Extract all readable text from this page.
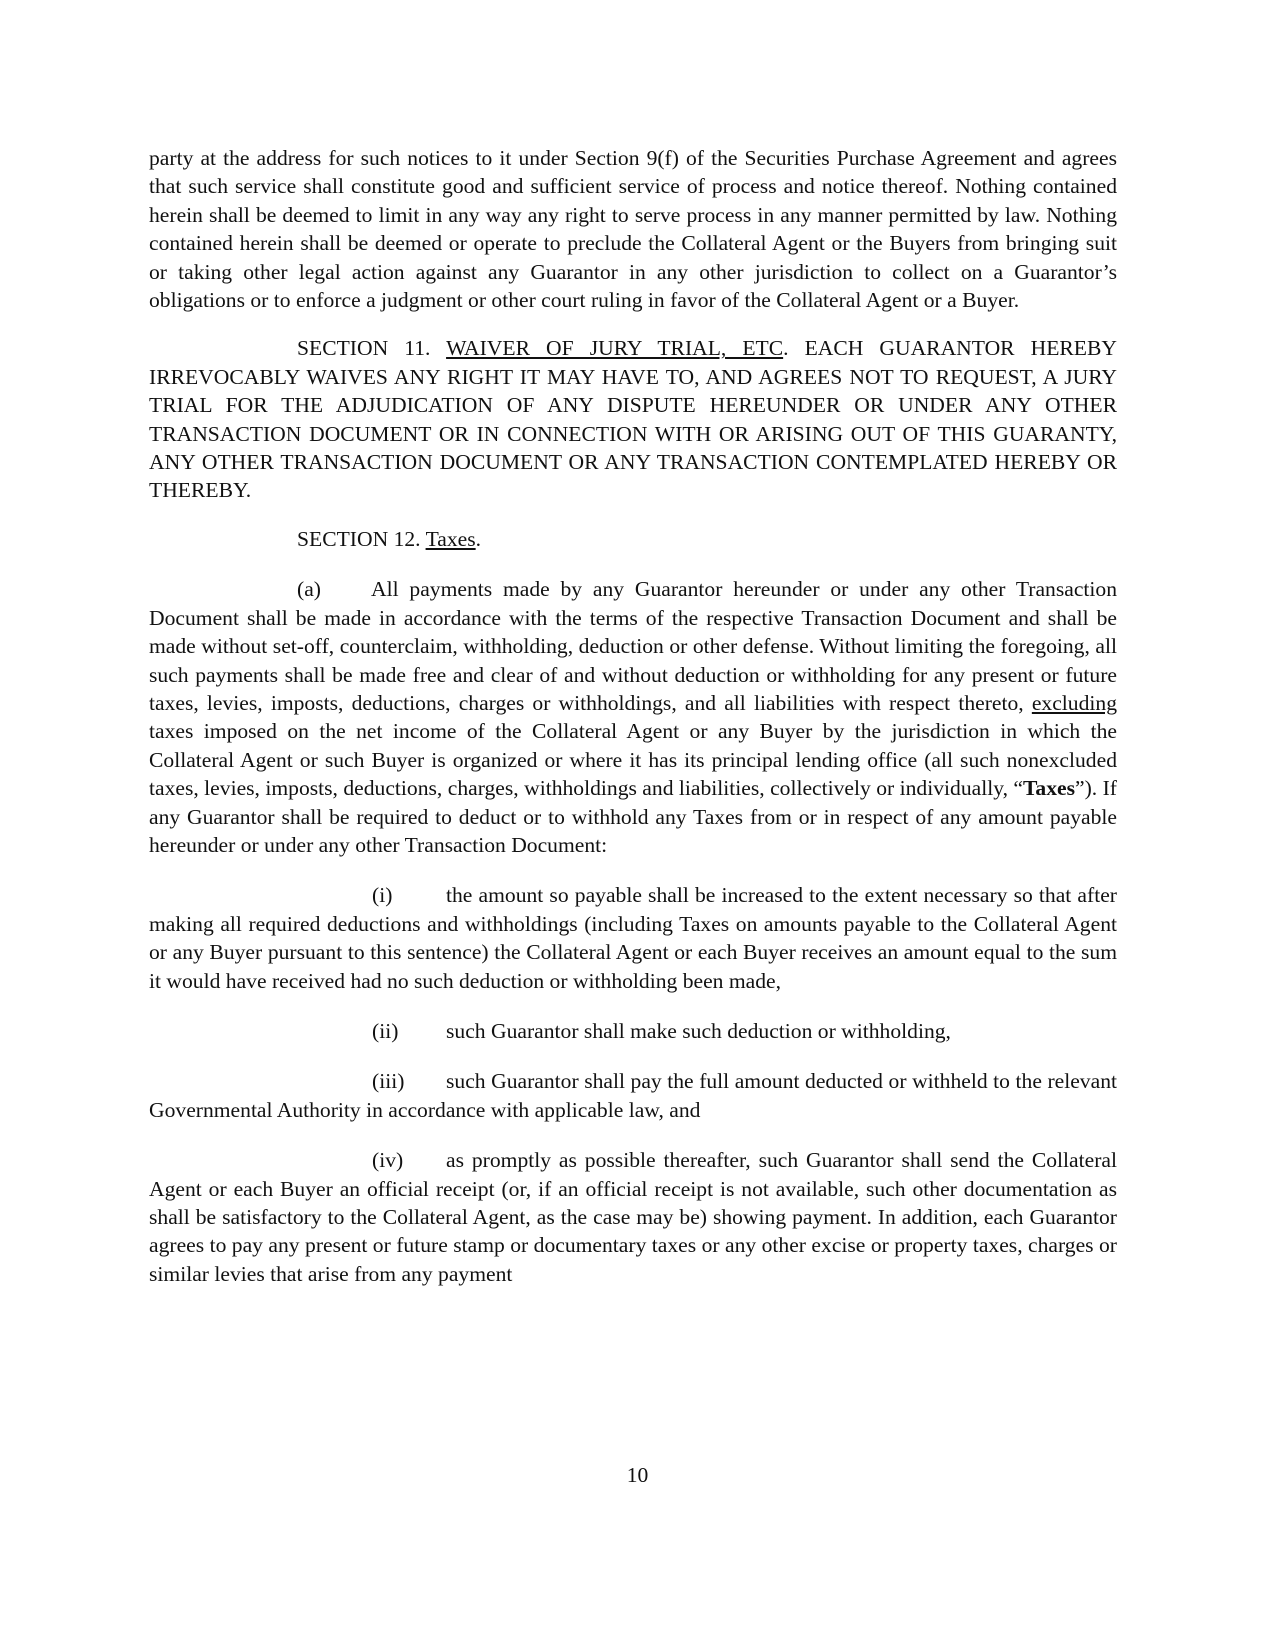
party at the address for such notices to it under Section 9(f) of the Securities Purchase Agreement and agrees that such service shall constitute good and sufficient service of process and notice thereof. Nothing contained herein shall be deemed to limit in any way any right to serve process in any manner permitted by law. Nothing contained herein shall be deemed or operate to preclude the Collateral Agent or the Buyers from bringing suit or taking other legal action against any Guarantor in any other jurisdiction to collect on a Guarantor’s obligations or to enforce a judgment or other court ruling in favor of the Collateral Agent or a Buyer.

SECTION 11. WAIVER OF JURY TRIAL, ETC. EACH GUARANTOR HEREBY IRREVOCABLY WAIVES ANY RIGHT IT MAY HAVE TO, AND AGREES NOT TO REQUEST, A JURY TRIAL FOR THE ADJUDICATION OF ANY DISPUTE HEREUNDER OR UNDER ANY OTHER TRANSACTION DOCUMENT OR IN CONNECTION WITH OR ARISING OUT OF THIS GUARANTY, ANY OTHER TRANSACTION DOCUMENT OR ANY TRANSACTION CONTEMPLATED HEREBY OR THEREBY.

SECTION 12. Taxes.

(a) All payments made by any Guarantor hereunder or under any other Transaction Document shall be made in accordance with the terms of the respective Transaction Document and shall be made without set-off, counterclaim, withholding, deduction or other defense. Without limiting the foregoing, all such payments shall be made free and clear of and without deduction or withholding for any present or future taxes, levies, imposts, deductions, charges or withholdings, and all liabilities with respect thereto, excluding taxes imposed on the net income of the Collateral Agent or any Buyer by the jurisdiction in which the Collateral Agent or such Buyer is organized or where it has its principal lending office (all such nonexcluded taxes, levies, imposts, deductions, charges, withholdings and liabilities, collectively or individually, “Taxes”). If any Guarantor shall be required to deduct or to withhold any Taxes from or in respect of any amount payable hereunder or under any other Transaction Document:

(i) the amount so payable shall be increased to the extent necessary so that after making all required deductions and withholdings (including Taxes on amounts payable to the Collateral Agent or any Buyer pursuant to this sentence) the Collateral Agent or each Buyer receives an amount equal to the sum it would have received had no such deduction or withholding been made,

(ii) such Guarantor shall make such deduction or withholding,

(iii) such Guarantor shall pay the full amount deducted or withheld to the relevant Governmental Authority in accordance with applicable law, and

(iv) as promptly as possible thereafter, such Guarantor shall send the Collateral Agent or each Buyer an official receipt (or, if an official receipt is not available, such other documentation as shall be satisfactory to the Collateral Agent, as the case may be) showing payment. In addition, each Guarantor agrees to pay any present or future stamp or documentary taxes or any other excise or property taxes, charges or similar levies that arise from any payment

10
